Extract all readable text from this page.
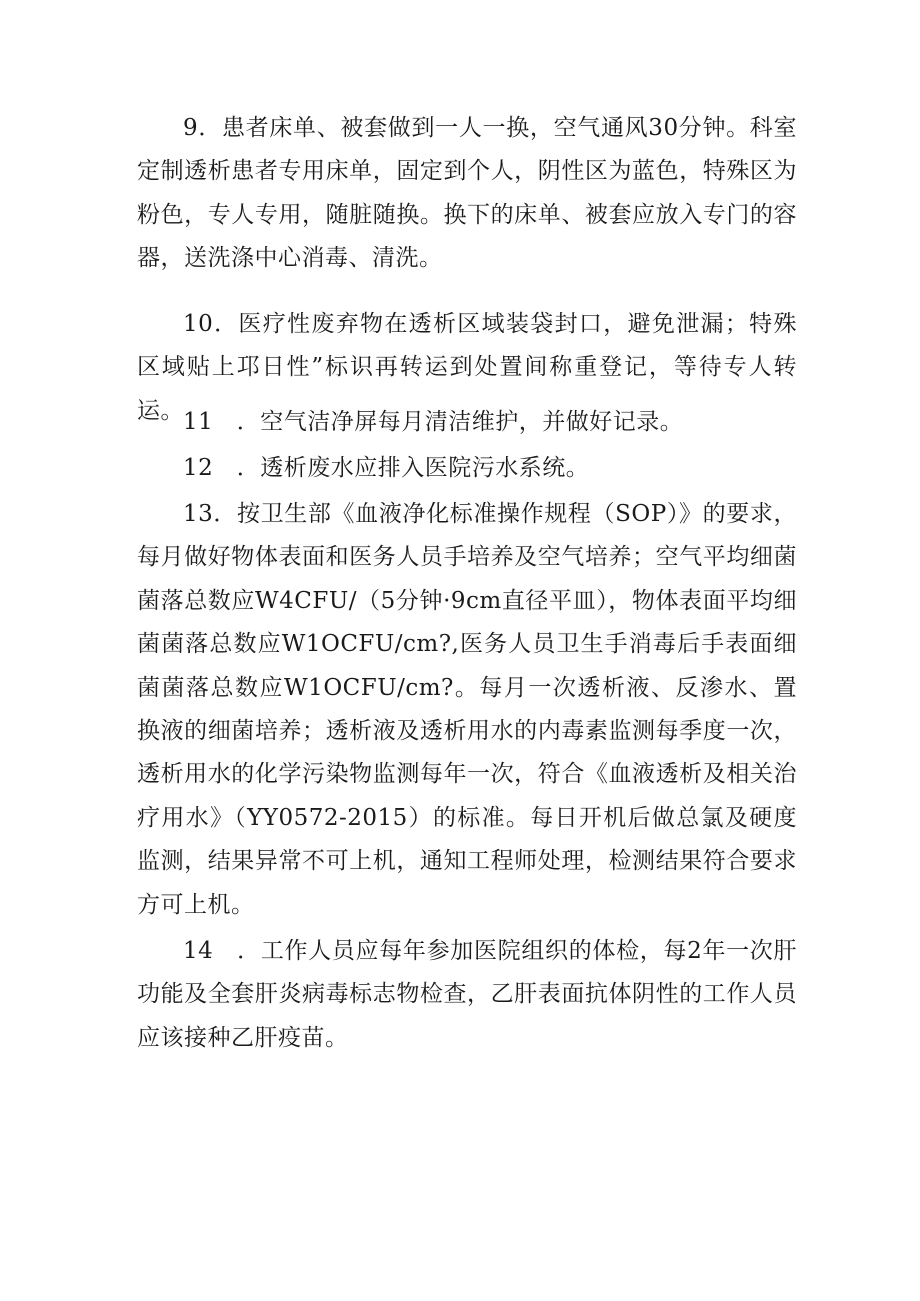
9．患者床单、被套做到一人一换，空气通风30分钟。科室定制透析患者专用床单，固定到个人，阴性区为蓝色，特殊区为粉色，专人专用，随脏随换。换下的床单、被套应放入专门的容器，送洗涤中心消毒、清洗。

10．医疗性废弃物在透析区域装袋封口，避免泄漏；特殊区域贴上邛日性”标识再转运到处置间称重登记，等待专人转运。 11　．空气洁净屏每月清洁维护，并做好记录。

12　．透析废水应排入医院污水系统。

13．按卫生部《血液净化标准操作规程（SOP）》的要求，每月做好物体表面和医务人员手培养及空气培养；空气平均细菌菌落总数应W4CFU/（5分钟·9cm直径平皿），物体表面平均细菌菌落总数应W1OCFU/cm?,医务人员卫生手消毒后手表面细菌菌落总数应W1OCFU/cm?。每月一次透析液、反渗水、置换液的细菌培养；透析液及透析用水的内毒素监测每季度一次，透析用水的化学污染物监测每年一次，符合《血液透析及相关治疗用水》（YY0572-2015）的标准。每日开机后做总氯及硬度监测，结果异常不可上机，通知工程师处理，检测结果符合要求方可上机。

14　．工作人员应每年参加医院组织的体检，每2年一次肝功能及全套肝炎病毒标志物检查，乙肝表面抗体阴性的工作人员应该接种乙肝疫苗。
